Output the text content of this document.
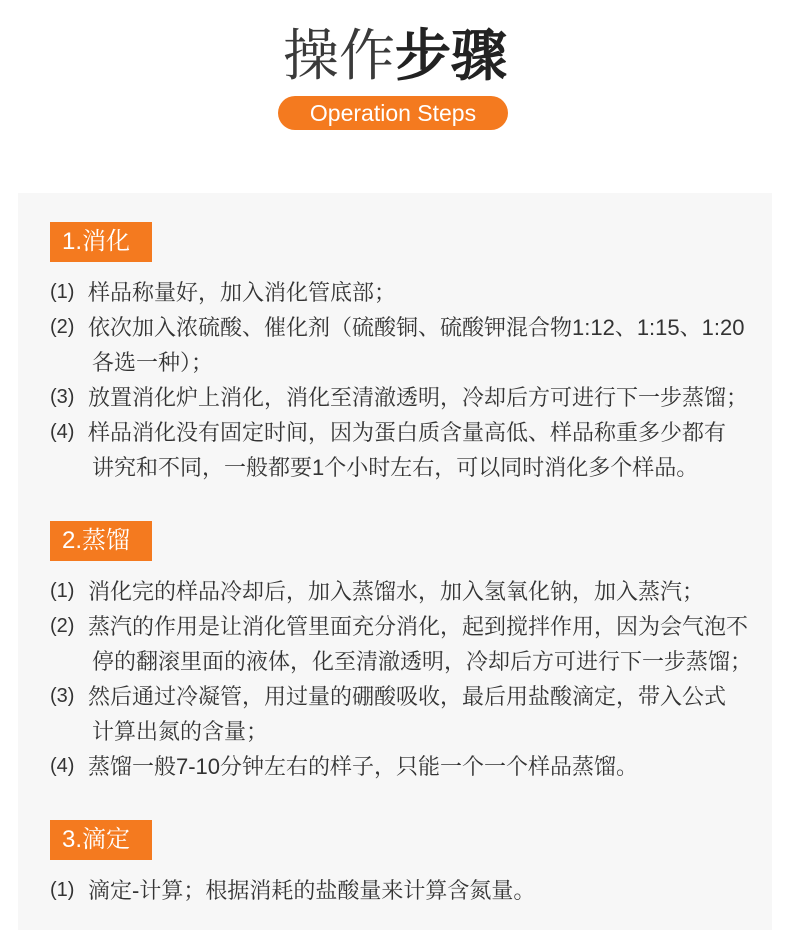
操作步骤
Operation Steps
1.消化
(1) 样品称量好，加入消化管底部；
(2) 依次加入浓硫酸、催化剂（硫酸铜、硫酸钾混合物1:12、1:15、1:20
各选一种）；
(3) 放置消化炉上消化，消化至清澈透明，冷却后方可进行下一步蒸馏；
(4) 样品消化没有固定时间，因为蛋白质含量高低、样品称重多少都有
讲究和不同，一般都要1个小时左右，可以同时消化多个样品。
2.蒸馏
(1) 消化完的样品冷却后，加入蒸馏水，加入氢氧化钠，加入蒸汽；
(2) 蒸汽的作用是让消化管里面充分消化，起到搅拌作用，因为会气泡不
停的翻滚里面的液体，化至清澈透明，冷却后方可进行下一步蒸馏；
(3) 然后通过冷凝管，用过量的硼酸吸收，最后用盐酸滴定，带入公式
计算出氮的含量；
(4) 蒸馏一般7-10分钟左右的样子，只能一个一个样品蒸馏。
3.滴定
(1) 滴定-计算；根据消耗的盐酸量来计算含氮量。
